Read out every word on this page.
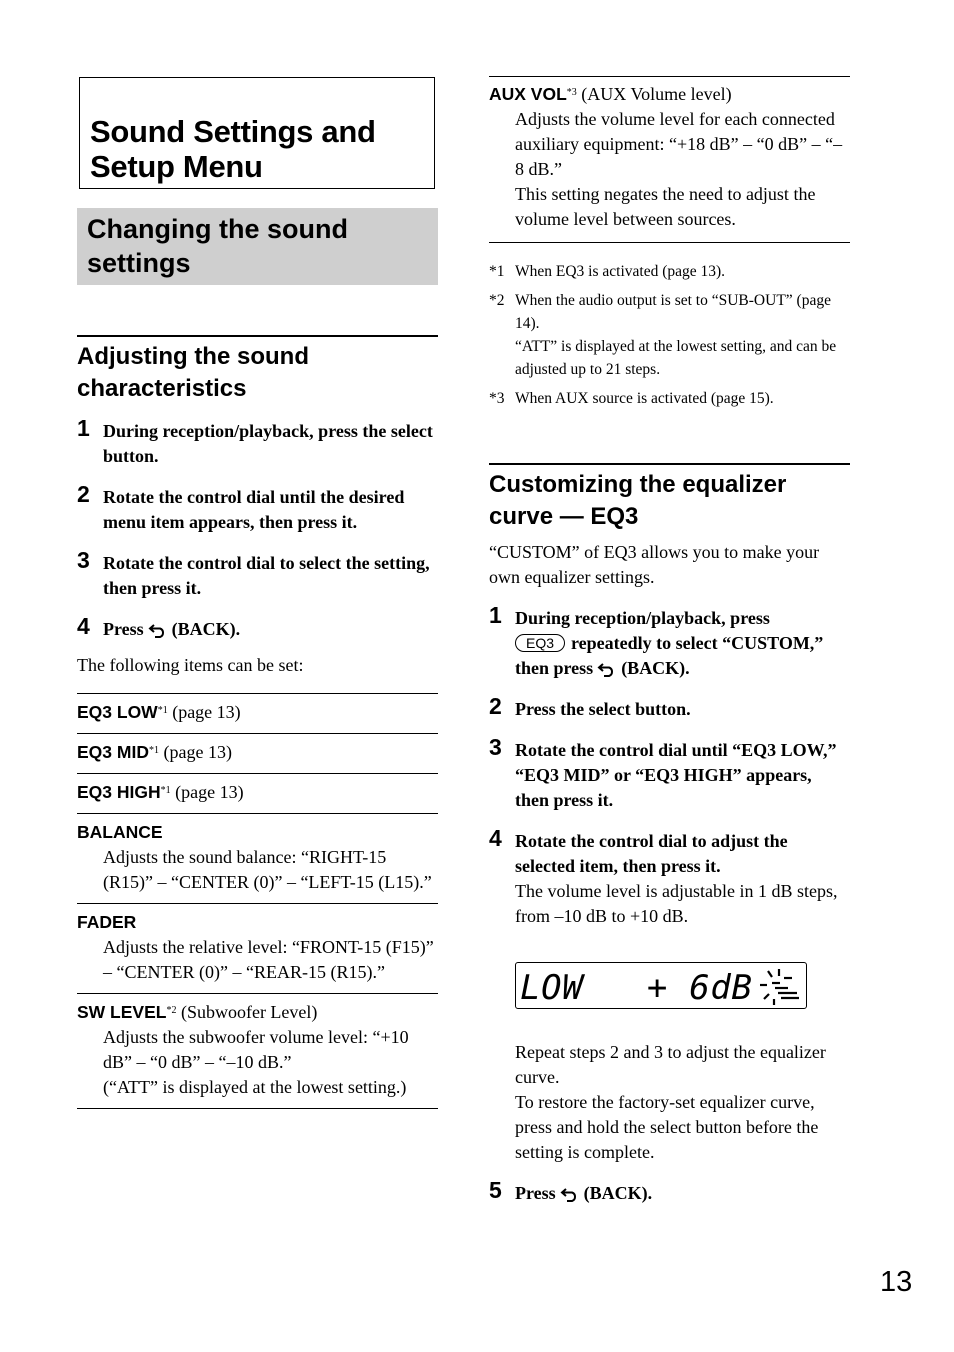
Sound Settings and Setup Menu
Changing the sound settings
Adjusting the sound characteristics
1 During reception/playback, press the select button.
2 Rotate the control dial until the desired menu item appears, then press it.
3 Rotate the control dial to select the setting, then press it.
4 Press (BACK).
The following items can be set:
EQ3 LOW$^{*1}$ (page 13)
EQ3 MID$^{*1}$ (page 13)
EQ3 HIGH$^{*1}$ (page 13)
BALANCE
Adjusts the sound balance: “RIGHT-15 (R15)” – “CENTER (0)” – “LEFT-15 (L15).”
FADER
Adjusts the relative level: “FRONT-15 (F15)” – “CENTER (0)” – “REAR-15 (R15).”
SW LEVEL$^{*2}$ (Subwoofer Level)
Adjusts the subwoofer volume level: “+10 dB” – “0 dB” – “–10 dB.”
(“ATT” is displayed at the lowest setting.)
AUX VOL$^{*3}$ (AUX Volume level)
Adjusts the volume level for each connected auxiliary equipment: “+18 dB” – “0 dB” – “–8 dB.”
This setting negates the need to adjust the volume level between sources.
*1 When EQ3 is activated (page 13).
*2 When the audio output is set to “SUB-OUT” (page 14).
“ATT” is displayed at the lowest setting, and can be adjusted up to 21 steps.
*3 When AUX source is activated (page 15).
Customizing the equalizer curve — EQ3
“CUSTOM” of EQ3 allows you to make your own equalizer settings.
1 During reception/playback, press
EQ3 repeatedly to select “CUSTOM,” then press (BACK).
2 Press the select button.
3 Rotate the control dial until “EQ3 LOW,” “EQ3 MID” or “EQ3 HIGH” appears, then press it.
4 Rotate the control dial to adjust the selected item, then press it.
The volume level is adjustable in 1 dB steps, from –10 dB to +10 dB.
LOW   + 6dB
Repeat steps 2 and 3 to adjust the equalizer curve.
To restore the factory-set equalizer curve, press and hold the select button before the setting is complete.
5 Press (BACK).
13
